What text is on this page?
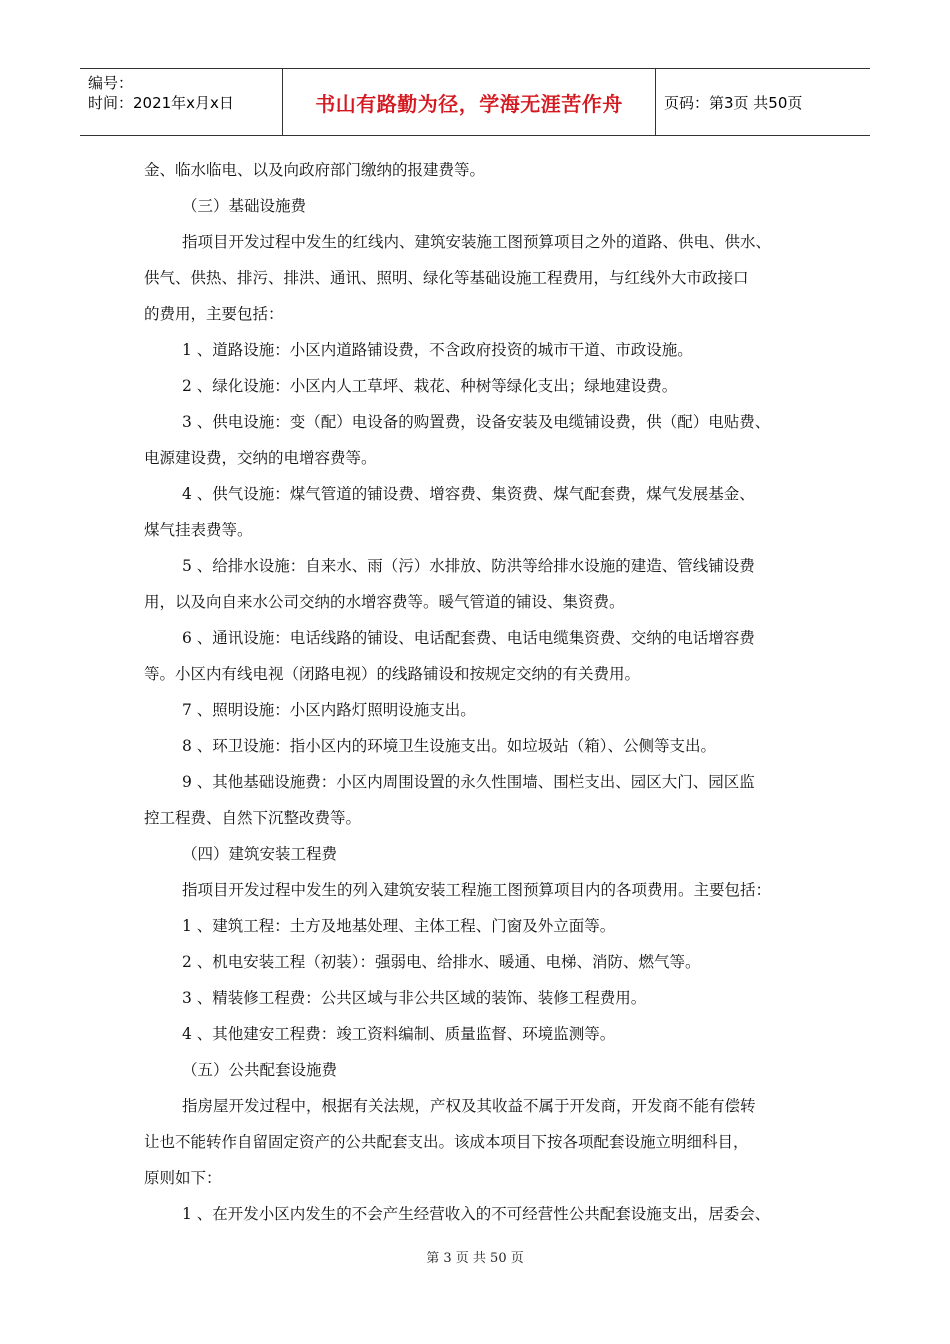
编号：
时间：2021年x月x日	书山有路勤为径，学海无涯苦作舟	页码：第3页 共50页
金、临水临电、以及向政府部门缴纳的报建费等。
（三）基础设施费
指项目开发过程中发生的红线内、建筑安装施工图预算项目之外的道路、供电、供水、
供气、供热、排污、排洪、通讯、照明、绿化等基础设施工程费用，与红线外大市政接口
的费用，主要包括：
1 、道路设施：小区内道路铺设费，不含政府投资的城市干道、市政设施。
2 、绿化设施：小区内人工草坪、栽花、种树等绿化支出；绿地建设费。
3 、供电设施：变（配）电设备的购置费，设备安装及电缆铺设费，供（配）电贴费、
电源建设费，交纳的电增容费等。
4 、供气设施：煤气管道的铺设费、增容费、集资费、煤气配套费，煤气发展基金、
煤气挂表费等。
5 、给排水设施：自来水、雨（污）水排放、防洪等给排水设施的建造、管线铺设费
用，以及向自来水公司交纳的水增容费等。暖气管道的铺设、集资费。
6 、通讯设施：电话线路的铺设、电话配套费、电话电缆集资费、交纳的电话增容费
等。小区内有线电视（闭路电视）的线路铺设和按规定交纳的有关费用。
7 、照明设施：小区内路灯照明设施支出。
8 、环卫设施：指小区内的环境卫生设施支出。如垃圾站（箱）、公侧等支出。
9 、其他基础设施费：小区内周围设置的永久性围墙、围栏支出、园区大门、园区监
控工程费、自然下沉整改费等。
（四）建筑安装工程费
指项目开发过程中发生的列入建筑安装工程施工图预算项目内的各项费用。主要包括：
1 、建筑工程：土方及地基处理、主体工程、门窗及外立面等。
2 、机电安装工程（初装）：强弱电、给排水、暖通、电梯、消防、燃气等。
3 、精装修工程费：公共区域与非公共区域的装饰、装修工程费用。
4 、其他建安工程费：竣工资料编制、质量监督、环境监测等。
（五）公共配套设施费
指房屋开发过程中，根据有关法规，产权及其收益不属于开发商，开发商不能有偿转
让也不能转作自留固定资产的公共配套支出。该成本项目下按各项配套设施立明细科目，
原则如下：
1 、在开发小区内发生的不会产生经营收入的不可经营性公共配套设施支出，居委会、
第 3 页 共 50 页
